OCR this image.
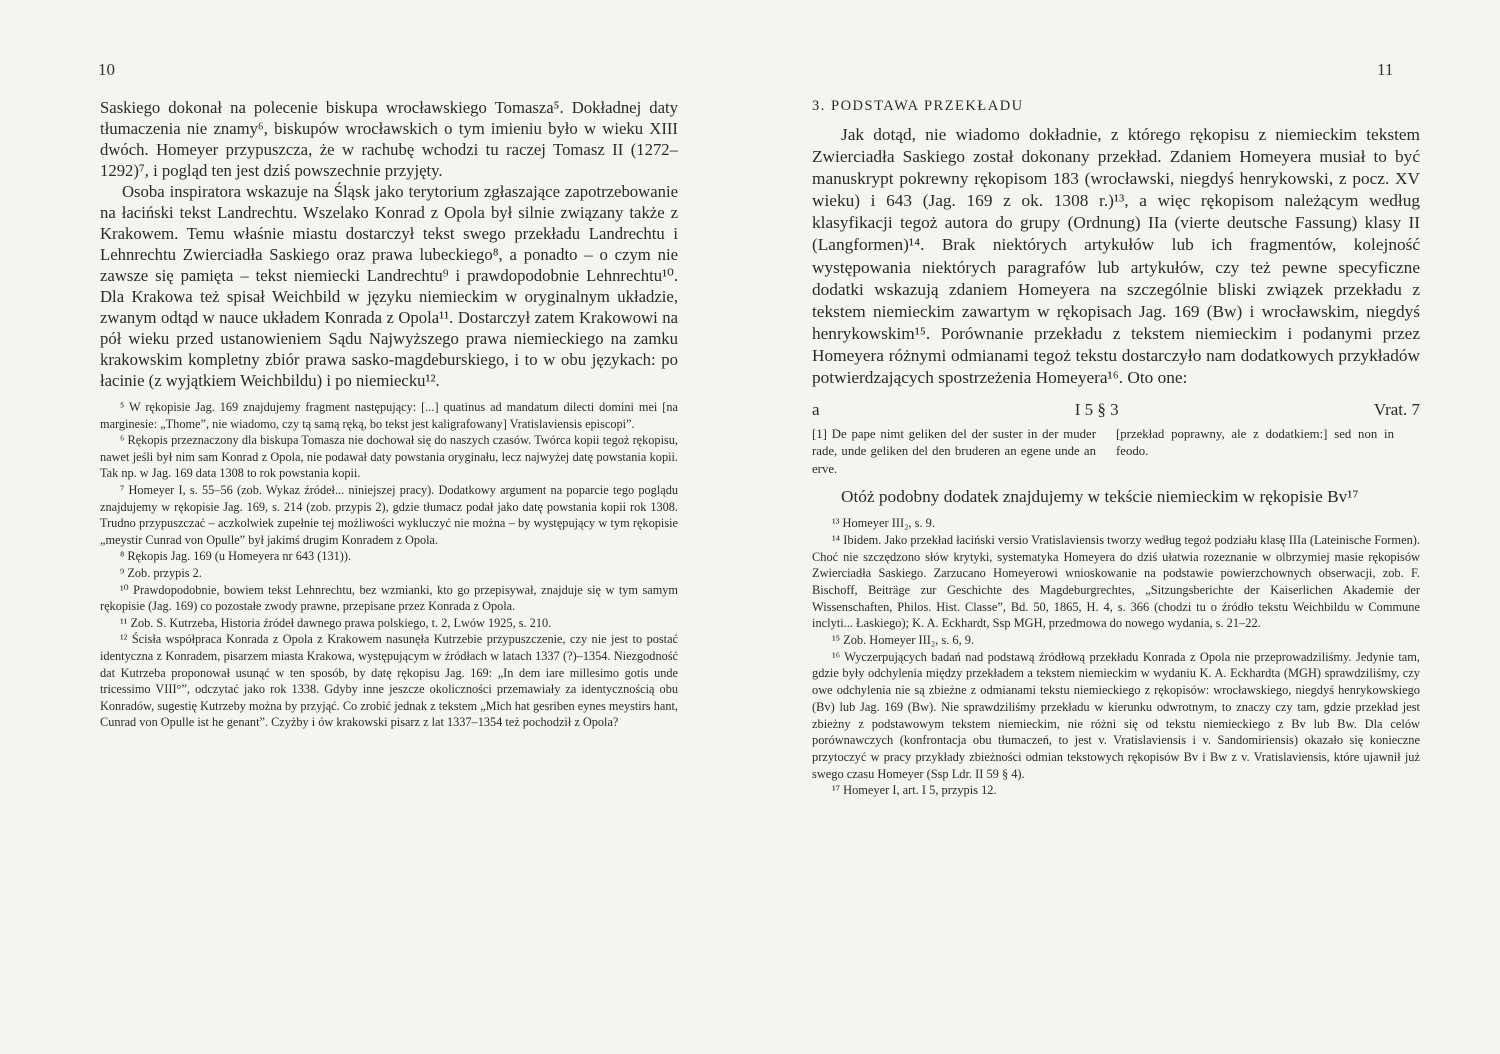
10

Saskiego dokonał na polecenie biskupa wrocławskiego Tomasza⁵. Dokładnej daty tłumaczenia nie znamy⁶, biskupów wrocławskich o tym imieniu było w wieku XIII dwóch. Homeyer przypuszcza, że w rachubę wchodzi tu raczej Tomasz II (1272–1292)⁷, i pogląd ten jest dziś powszechnie przyjęty.

Osoba inspiratora wskazuje na Śląsk jako terytorium zgłaszające zapotrzebowanie na łaciński tekst Landrechtu. Wszelako Konrad z Opola był silnie związany także z Krakowem. Temu właśnie miastu dostarczył tekst swego przekładu Landrechtu i Lehnrechtu Zwierciadła Saskiego oraz prawa lubeckiego⁸, a ponadto – o czym nie zawsze się pamięta – tekst niemiecki Landrechtu⁹ i prawdopodobnie Lehnrechtu¹⁰. Dla Krakowa też spisał Weichbild w języku niemieckim w oryginalnym układzie, zwanym odtąd w nauce układem Konrada z Opola¹¹. Dostarczył zatem Krakowowi na pół wieku przed ustanowieniem Sądu Najwyższego prawa niemieckiego na zamku krakowskim kompletny zbiór prawa sasko-magdeburskiego, i to w obu językach: po łacinie (z wyjątkiem Weichbildu) i po niemiecku¹².

⁵ W rękopisie Jag. 169 znajdujemy fragment następujący: [...] quatinus ad mandatum dilecti domini mei [na marginesie: „Thome”, nie wiadomo, czy tą samą ręką, bo tekst jest kaligrafowany] Vratislaviensis episcopi”.

⁶ Rękopis przeznaczony dla biskupa Tomasza nie dochował się do naszych czasów. Twórca kopii tegoż rękopisu, nawet jeśli był nim sam Konrad z Opola, nie podawał daty powstania oryginału, lecz najwyżej datę powstania kopii. Tak np. w Jag. 169 data 1308 to rok powstania kopii.

⁷ Homeyer I, s. 55–56 (zob. Wykaz źródeł... niniejszej pracy). Dodatkowy argument na poparcie tego poglądu znajdujemy w rękopisie Jag. 169, s. 214 (zob. przypis 2), gdzie tłumacz podał jako datę powstania kopii rok 1308. Trudno przypuszczać – aczkolwiek zupełnie tej możliwości wykluczyć nie można – by występujący w tym rękopisie „meystir Cunrad von Opulle” był jakimś drugim Konradem z Opola.

⁸ Rękopis Jag. 169 (u Homeyera nr 643 (131)).

⁹ Zob. przypis 2.

¹⁰ Prawdopodobnie, bowiem tekst Lehnrechtu, bez wzmianki, kto go przepisywał, znajduje się w tym samym rękopisie (Jag. 169) co pozostałe zwody prawne, przepisane przez Konrada z Opola.

¹¹ Zob. S. Kutrzeba, Historia źródeł dawnego prawa polskiego, t. 2, Lwów 1925, s. 210.

¹² Ścisła współpraca Konrada z Opola z Krakowem nasunęła Kutrzebie przypuszczenie, czy nie jest to postać identyczna z Konradem, pisarzem miasta Krakowa, występującym w źródłach w latach 1337 (?)–1354. Niezgodność dat Kutrzeba proponował usunąć w ten sposób, by datę rękopisu Jag. 169: „In dem iare millesimo gotis unde tricessimo VIII°”, odczytać jako rok 1338. Gdyby inne jeszcze okoliczności przemawiały za identycznością obu Konradów, sugestię Kutrzeby można by przyjąć. Co zrobić jednak z tekstem „Mich hat gesriben eynes meystirs hant, Cunrad von Opulle ist he genant”. Czyżby i ów krakowski pisarz z lat 1337–1354 też pochodził z Opola?

11
3. PODSTAWA PRZEKŁADU

Jak dotąd, nie wiadomo dokładnie, z którego rękopisu z niemieckim tekstem Zwierciadła Saskiego został dokonany przekład. Zdaniem Homeyera musiał to być manuskrypt pokrewny rękopisom 183 (wrocławski, niegdyś henrykowski, z pocz. XV wieku) i 643 (Jag. 169 z ok. 1308 r.)¹³, a więc rękopisom należącym według klasyfikacji tegoż autora do grupy (Ordnung) IIa (vierte deutsche Fassung) klasy II (Langformen)¹⁴. Brak niektórych artykułów lub ich fragmentów, kolejność występowania niektórych paragrafów lub artykułów, czy też pewne specyficzne dodatki wskazują zdaniem Homeyera na szczególnie bliski związek przekładu z tekstem niemieckim zawartym w rękopisach Jag. 169 (Bw) i wrocławskim, niegdyś henrykowskim¹⁵. Porównanie przekładu z tekstem niemieckim i podanymi przez Homeyera różnymi odmianami tegoż tekstu dostarczyło nam dodatkowych przykładów potwierdzających spostrzeżenia Homeyera¹⁶. Oto one:

a	I 5 § 3	Vrat. 7
[1] De pape nimt geliken del der suster in der muder rade, unde geliken del den bruderen an egene unde an erve.
[przekład poprawny, ale z dodatkiem:] sed non in feodo.
Otóż podobny dodatek znajdujemy w tekście niemieckim w rękopisie Bv¹⁷

¹³ Homeyer III₂, s. 9.

¹⁴ Ibidem. Jako przekład łaciński versio Vratislaviensis tworzy według tegoż podziału klasę IIIa (Lateinische Formen). Choć nie szczędzono słów krytyki, systematyka Homeyera do dziś ułatwia rozeznanie w olbrzymiej masie rękopisów Zwierciadła Saskiego. Zarzucano Homeyerowi wnioskowanie na podstawie powierzchownych obserwacji, zob. F. Bischoff, Beiträge zur Geschichte des Magdeburgrechtes, „Sitzungsberichte der Kaiserlichen Akademie der Wissenschaften, Philos. Hist. Classe”, Bd. 50, 1865, H. 4, s. 366 (chodzi tu o źródło tekstu Weichbildu w Commune inclyti... Łaskiego); K. A. Eckhardt, Ssp MGH, przedmowa do nowego wydania, s. 21–22.

¹⁵ Zob. Homeyer III₂, s. 6, 9.

¹⁶ Wyczerpujących badań nad podstawą źródłową przekładu Konrada z Opola nie przeprowadziliśmy. Jedynie tam, gdzie były odchylenia między przekładem a tekstem niemieckim w wydaniu K. A. Eckhardta (MGH) sprawdziliśmy, czy owe odchylenia nie są zbieżne z odmianami tekstu niemieckiego z rękopisów: wrocławskiego, niegdyś henrykowskiego (Bv) lub Jag. 169 (Bw). Nie sprawdziliśmy przekładu w kierunku odwrotnym, to znaczy czy tam, gdzie przekład jest zbieżny z podstawowym tekstem niemieckim, nie różni się od tekstu niemieckiego z Bv lub Bw. Dla celów porównawczych (konfrontacja obu tłumaczeń, to jest v. Vratislaviensis i v. Sandomiriensis) okazało się konieczne przytoczyć w pracy przykłady zbieżności odmian tekstowych rękopisów Bv i Bw z v. Vratislaviensis, które ujawnił już swego czasu Homeyer (Ssp Ldr. II 59 § 4).

¹⁷ Homeyer I, art. I 5, przypis 12.
